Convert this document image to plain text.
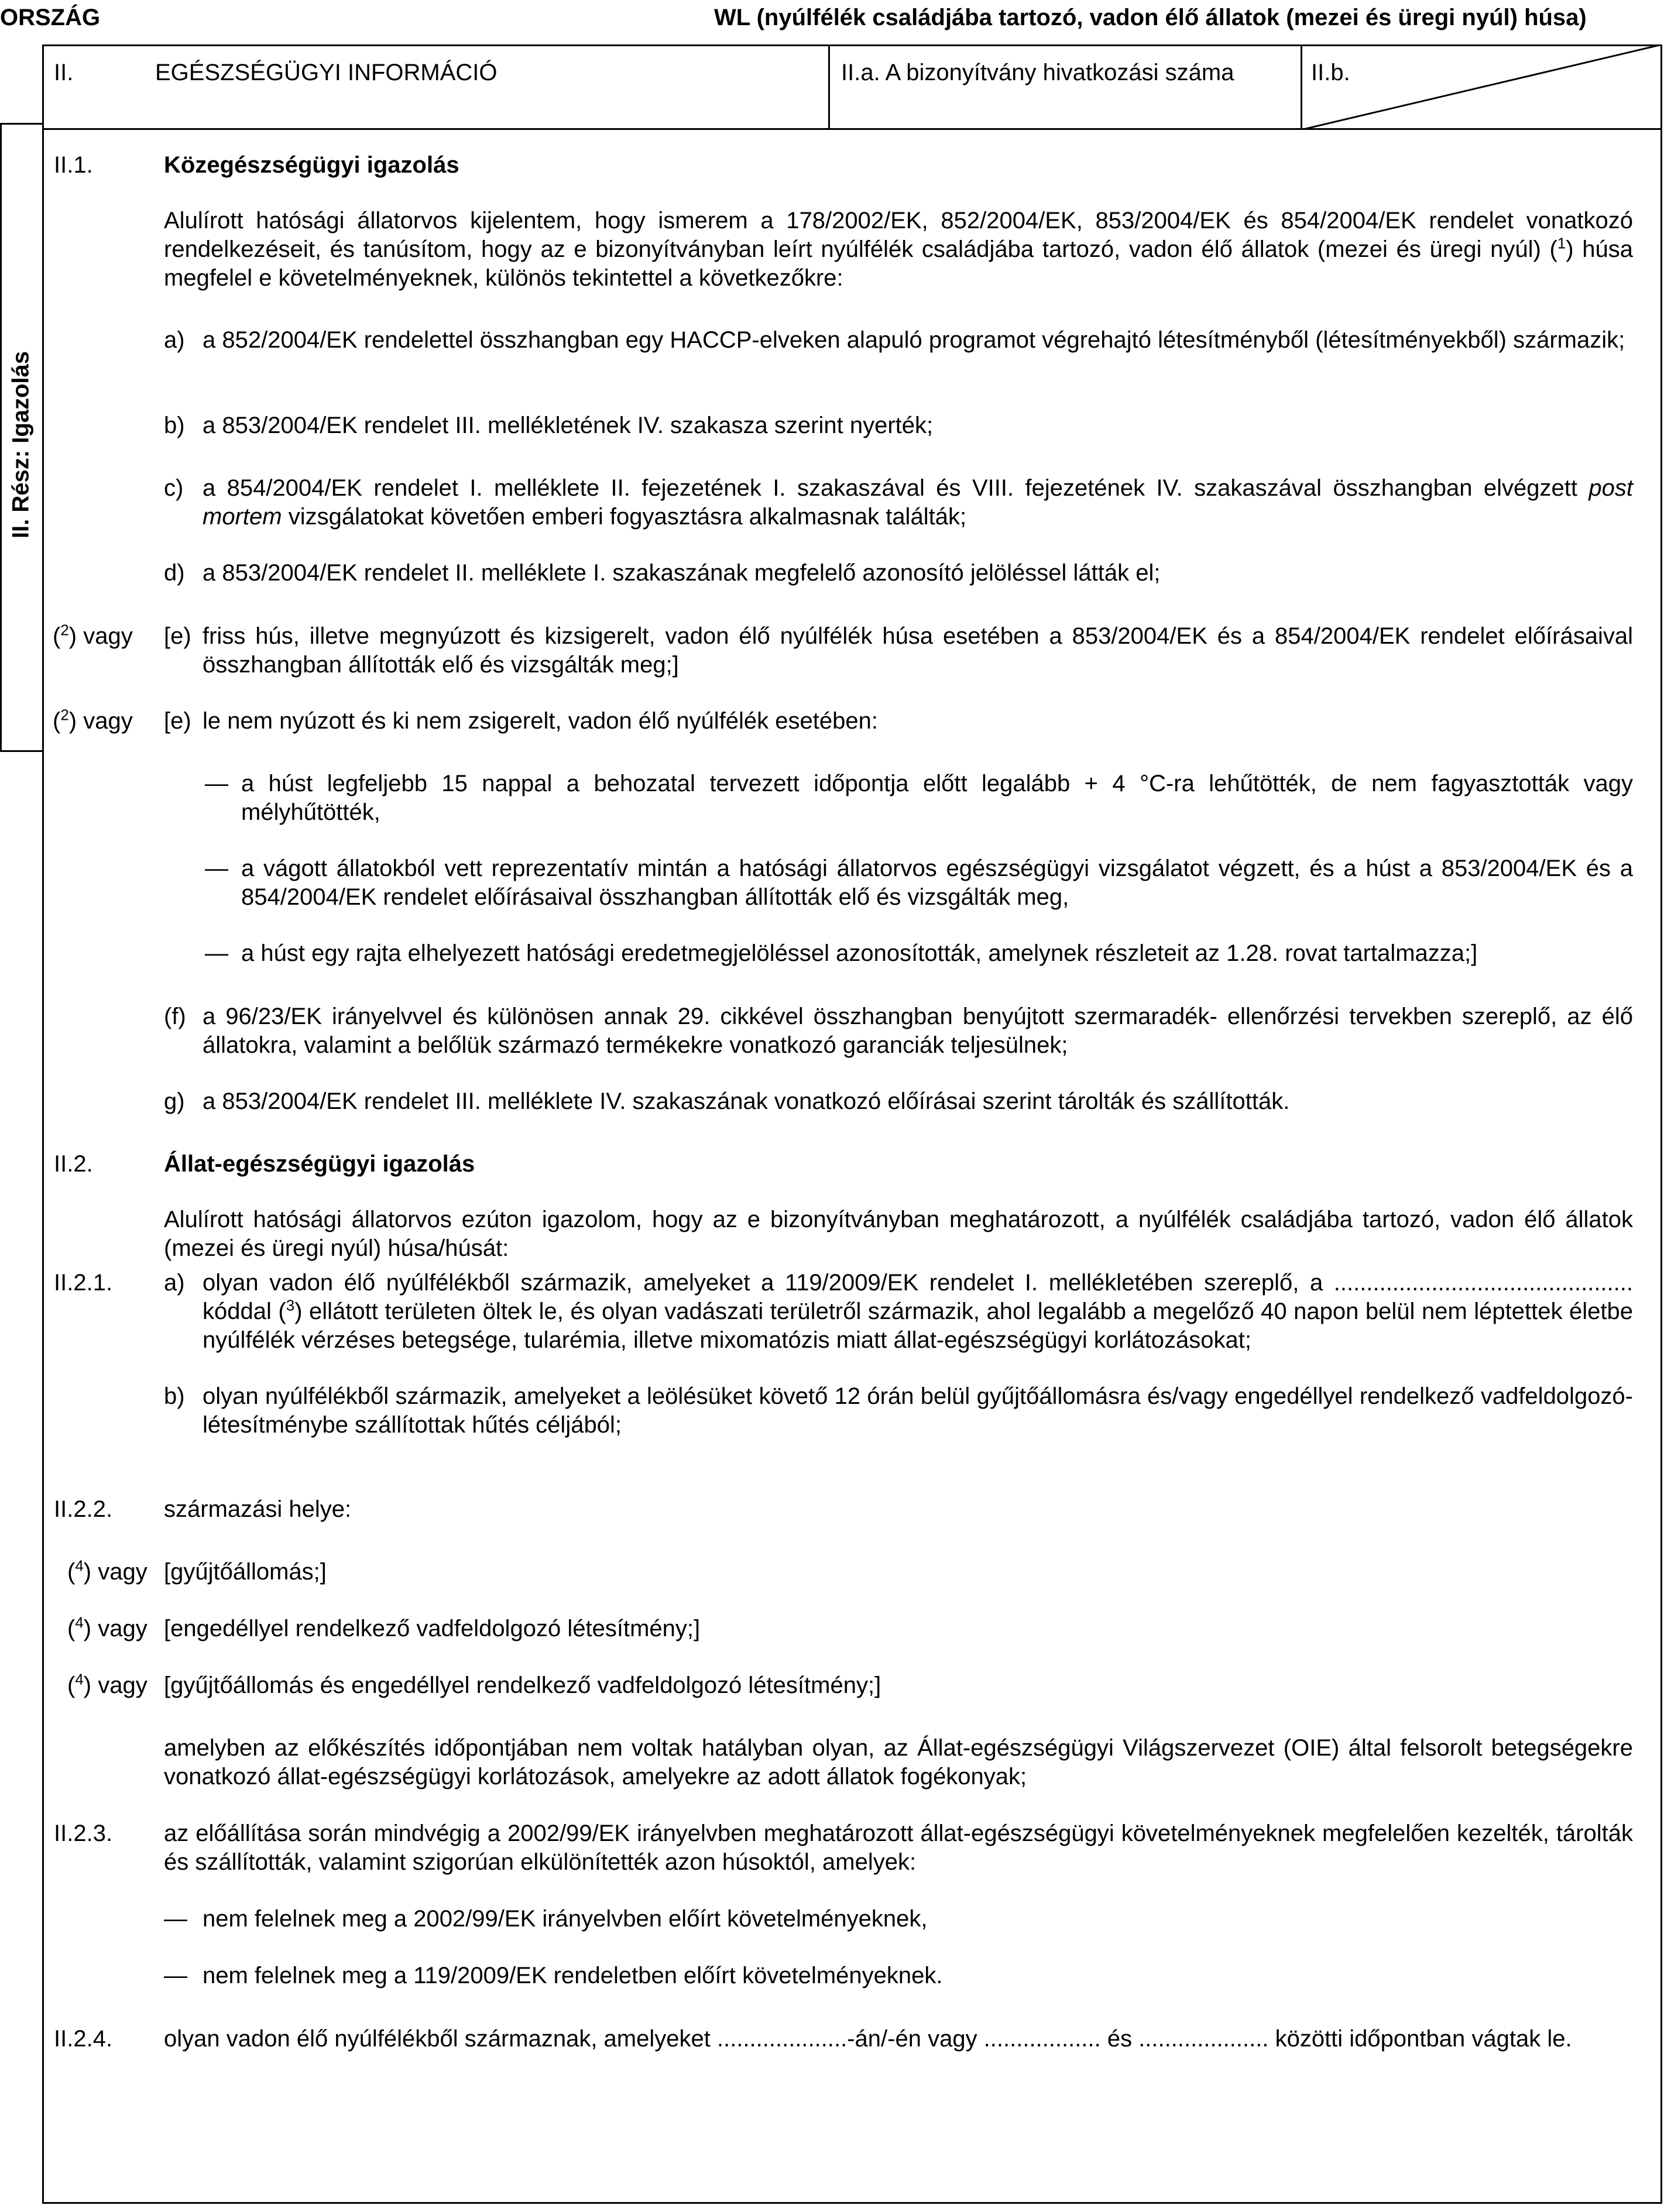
ORSZÁG	WL (nyúlfélék családjába tartozó, vadon élő állatok (mezei és üregi nyúl) húsa)
II. Rész: Igazolás
II.	EGÉSZSÉGÜGYI INFORMÁCIÓ	II.a. A bizonyítvány hivatkozási száma	II.b.
II.1.	Közegészségügyi igazolás
Alulírott hatósági állatorvos kijelentem, hogy ismerem a 178/2002/EK, 852/2004/EK, 853/2004/EK és 854/2004/EK rendelet vonatkozó rendelkezéseit, és tanúsítom, hogy az e bizonyítványban leírt nyúlfélék családjába tartozó, vadon élő állatok (mezei és üregi nyúl) ($^1$) húsa megfelel e követelményeknek, különös tekintettel a következőkre:
a) a 852/2004/EK rendelettel összhangban egy HACCP-elveken alapuló programot végrehajtó létesítményből (létesítményekből) származik;
b) a 853/2004/EK rendelet III. mellékletének IV. szakasza szerint nyerték;
c) a 854/2004/EK rendelet I. melléklete II. fejezetének I. szakaszával és VIII. fejezetének IV. szakaszával összhangban elvégzett post mortem vizsgálatokat követően emberi fogyasztásra alkalmasnak találták;
d) a 853/2004/EK rendelet II. melléklete I. szakaszának megfelelő azonosító jelöléssel látták el;
($^2$) vagy [e) friss hús, illetve megnyúzott és kizsigerelt, vadon élő nyúlfélék húsa esetében a 853/2004/EK és a 854/2004/EK rendelet előírásaival összhangban állították elő és vizsgálták meg;]
($^2$) vagy [e) le nem nyúzott és ki nem zsigerelt, vadon élő nyúlfélék esetében:
— a húst legfeljebb 15 nappal a behozatal tervezett időpontja előtt legalább + 4 °C-ra lehűtötték, de nem fagyasztották vagy mélyhűtötték,
— a vágott állatokból vett reprezentatív mintán a hatósági állatorvos egészségügyi vizsgálatot végzett, és a húst a 853/2004/EK és a 854/2004/EK rendelet előírásaival összhangban állították elő és vizsgálták meg,
— a húst egy rajta elhelyezett hatósági eredetmegjelöléssel azonosították, amelynek részleteit az 1.28. rovat tartalmazza;]
(f) a 96/23/EK irányelvvel és különösen annak 29. cikkével összhangban benyújtott szermaradék- ellenőrzési tervekben szereplő, az élő állatokra, valamint a belőlük származó termékekre vonatkozó garanciák teljesülnek;
g) a 853/2004/EK rendelet III. melléklete IV. szakaszának vonatkozó előírásai szerint tárolták és szállították.
II.2.	Állat-egészségügyi igazolás
Alulírott hatósági állatorvos ezúton igazolom, hogy az e bizonyítványban meghatározott, a nyúlfélék családjába tartozó, vadon élő állatok (mezei és üregi nyúl) húsa/húsát:
II.2.1. a) olyan vadon élő nyúlfélékből származik, amelyeket a 119/2009/EK rendelet I. mellékletében szereplő, a .............................................. kóddal ($^3$) ellátott területen öltek le, és olyan vadászati területről származik, ahol legalább a megelőző 40 napon belül nem léptettek életbe nyúlfélék vérzéses betegsége, tularémia, illetve mixomatózis miatt állat-egészségügyi korlátozásokat;
b) olyan nyúlfélékből származik, amelyeket a leölésüket követő 12 órán belül gyűjtőállomásra és/vagy engedéllyel rendelkező vadfeldolgozó-létesítménybe szállítottak hűtés céljából;
II.2.2. származási helye:
($^4$) vagy [gyűjtőállomás;]
($^4$) vagy [engedéllyel rendelkező vadfeldolgozó létesítmény;]
($^4$) vagy [gyűjtőállomás és engedéllyel rendelkező vadfeldolgozó létesítmény;]
amelyben az előkészítés időpontjában nem voltak hatályban olyan, az Állat-egészségügyi Világszervezet (OIE) által felsorolt betegségekre vonatkozó állat-egészségügyi korlátozások, amelyekre az adott állatok fogékonyak;
II.2.3. az előállítása során mindvégig a 2002/99/EK irányelvben meghatározott állat-egészségügyi követelményeknek megfelelően kezelték, tárolták és szállították, valamint szigorúan elkülönítették azon húsoktól, amelyek:
— nem felelnek meg a 2002/99/EK irányelvben előírt követelményeknek,
— nem felelnek meg a 119/2009/EK rendeletben előírt követelményeknek.
II.2.4. olyan vadon élő nyúlfélékből származnak, amelyeket ....................-án/-én vagy .................. és .................... közötti időpontban vágtak le.
